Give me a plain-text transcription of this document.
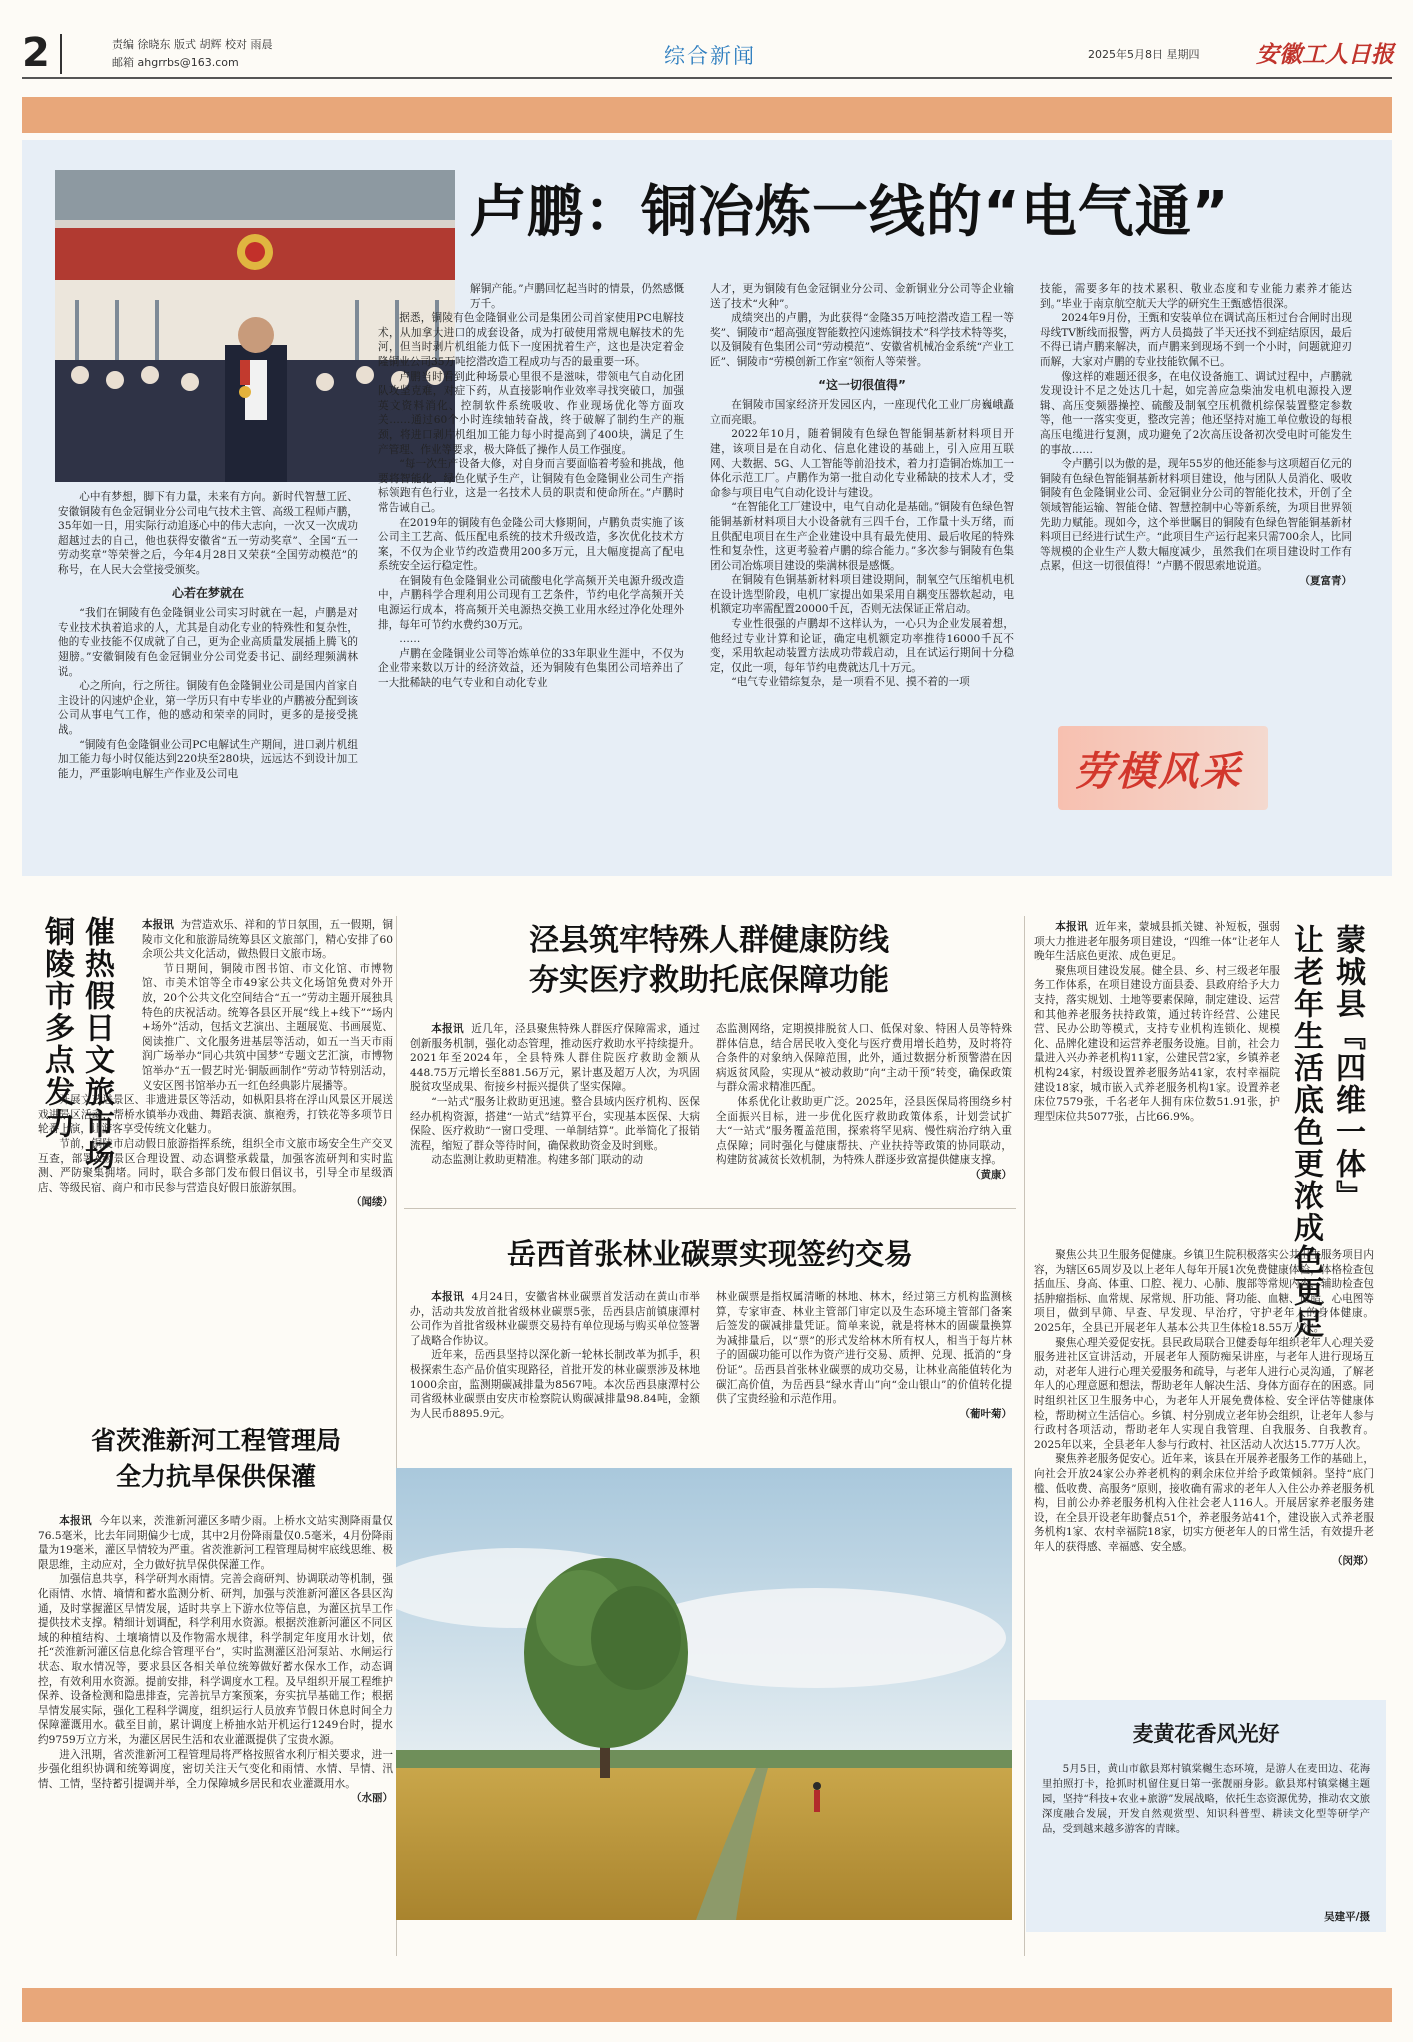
2	责编 徐晓东 版式 胡辉 校对 雨晨
邮箱 ahgrrbs@163.com	综合新闻	2025年5月8日 星期四 安徽工人日报
卢鹏：铜冶炼一线的“电气通”

心中有梦想，脚下有力量，未来有方向。新时代智慧工匠、安徽铜陵有色金冠铜业分公司电气技术主管、高级工程师卢鹏，35年如一日，用实际行动追逐心中的伟大志向，一次又一次成功超越过去的自己，他也获得安徽省“五一劳动奖章”、全国“五一劳动奖章”等荣誉之后，今年4月28日又荣获“全国劳动模范”的称号，在人民大会堂接受颁奖。

心若在梦就在

“我们在铜陵有色金隆铜业公司实习时就在一起，卢鹏是对专业技术执着追求的人，尤其是自动化专业的特殊性和复杂性，他的专业技能不仅成就了自己，更为企业高质量发展插上腾飞的翅膀。”安徽铜陵有色金冠铜业分公司党委书记、副经理频满林说。

心之所向，行之所往。铜陵有色金隆铜业公司是国内首家自主设计的闪速炉企业，第一学历只有中专毕业的卢鹏被分配到该公司从事电气工作，他的感动和荣幸的同时，更多的是接受挑战。

“铜陵有色金隆铜业公司PC电解试生产期间，进口剥片机组加工能力每小时仅能达到220块至280块，远远达不到设计加工能力，严重影响电解生产作业及公司电

解铜产能。”卢鹏回忆起当时的情景，仍然感慨万千。

据悉，铜陵有色金隆铜业公司是集团公司首家使用PC电解技术，从加拿大进口的成套设备，成为打破使用常规电解技术的先河，但当时剥片机组能力低下一度困扰着生产，这也是决定着金隆铜业公司35万吨挖潜改造工程成功与否的最重要一环。

卢鹏当时看到此种场景心里很不是滋味，带领电气自动化团队攻坚克难，对症下药，从直接影响作业效率寻找突破口，加强英文资料消化、控制软件系统吸收、作业现场优化等方面攻关……通过60个小时连续轴转奋战，终于破解了制约生产的瓶颈，将进口剥片机组加工能力每小时提高到了400块，满足了生产管理、作业等要求，极大降低了操作人员工作强度。

“每一次生产设备大修，对自身而言要面临着考验和挑战，他要将智能化、绿色化赋予生产，让铜陵有色金隆铜业公司生产指标领跑有色行业，这是一名技术人员的职责和使命所在。”卢鹏时常告诫自己。

在2019年的铜陵有色金隆公司大修期间，卢鹏负责实施了该公司主工艺高、低压配电系统的技术升级改造，多次优化技术方案，不仅为企业节约改造费用200多万元，且大幅度提高了配电系统安全运行稳定性。

在铜陵有色金隆铜业公司硫酸电化学高频开关电源升级改造中，卢鹏科学合理利用公司现有工艺条件，节约电化学高频开关电源运行成本，将高频开关电源热交换工业用水经过净化处理外排，每年可节约水费约30万元。

……

卢鹏在金隆铜业公司等冶炼单位的33年职业生涯中，不仅为企业带来数以万计的经济效益，还为铜陵有色集团公司培养出了一大批稀缺的电气专业和自动化专业

人才，更为铜陵有色金冠铜业分公司、金新铜业分公司等企业输送了技术“火种”。

成绩突出的卢鹏，为此获得“金隆35万吨挖潜改造工程一等奖”、铜陵市“超高强度智能数控闪速炼铜技术”科学技术特等奖，以及铜陵有色集团公司“劳动模范”、安徽省机械冶金系统“产业工匠”、铜陵市“劳模创新工作室”领衔人等荣誉。

“这一切很值得”

在铜陵市国家经济开发园区内，一座现代化工业厂房巍峨矗立而亮眼。

2022年10月，随着铜陵有色绿色智能铜基新材料项目开建，该项目是在自动化、信息化建设的基础上，引入应用互联网、大数据、5G、人工智能等前沿技术，着力打造铜冶炼加工一体化示范工厂。卢鹏作为第一批自动化专业稀缺的技术人才，受命参与项目电气自动化设计与建设。

“在智能化工厂建设中，电气自动化是基础。”铜陵有色绿色智能铜基新材料项目大小设备就有三四千台，工作量十头万绪，而且供配电项目在生产企业建设中具有最先使用、最后收尾的特殊性和复杂性，这更考验着卢鹏的综合能力。”多次参与铜陵有色集团公司冶炼项目建设的柴满林很是感慨。

在铜陵有色铜基新材料项目建设期间，制氧空气压缩机电机在设计选型阶段，电机厂家提出如果采用自耦变压器软起动，电机额定功率需配置20000千瓦，否则无法保证正常启动。

专业性很强的卢鹏却不这样认为，一心只为企业发展着想，他经过专业计算和论证，确定电机额定功率推待16000千瓦不变，采用软起动装置方法成功带载启动，且在试运行期间十分稳定，仅此一项，每年节约电费就达几十万元。

“电气专业错综复杂，是一项看不见、摸不着的一项

技能，需要多年的技术累积、敬业态度和专业能力素养才能达到。”毕业于南京航空航天大学的研究生王甄感悟很深。

2024年9月份，王甄和安装单位在调试高压柜过台合闸时出现母线TV断线而报警，两方人员捣鼓了半天还找不到症结原因，最后不得已请卢鹏来解决，而卢鹏来到现场不到一个小时，问题就迎刃而解，大家对卢鹏的专业技能钦佩不已。

像这样的难题还很多，在电仪设备施工、调试过程中，卢鹏就发现设计不足之处达几十起，如完善应急柴油发电机电源投入逻辑、高压变频器操控、硫酸及制氧空压机微机综保装置整定参数等，他一一落实变更，整改完善；他还坚持对施工单位敷设的每根高压电缆进行复测，成功避免了2次高压设备初次受电时可能发生的事故……

令卢鹏引以为傲的是，现年55岁的他还能参与这项超百亿元的铜陵有色绿色智能铜基新材料项目建设，他与团队人员消化、吸收铜陵有色金隆铜业公司、金冠铜业分公司的智能化技术，开创了全领域智能运输、智能仓储、智慧控制中心等新系统，为项目世界领先助力赋能。现如今，这个举世瞩目的铜陵有色绿色智能铜基新材料项目已经进行试生产。“此项目生产运行起来只需700余人，比同等规模的企业生产人数大幅度减少，虽然我们在项目建设时工作有点累，但这一切很值得！”卢鹏不假思索地说道。

（夏富青）
劳模风采
催热假日文旅市场
铜陵市多点发力	本报讯 为营造欢乐、祥和的节日氛围，五一假期，铜陵市文化和旅游局统筹县区文旅部门，精心安排了60余项公共文化活动，做热假日文旅市场。

节日期间，铜陵市图书馆、市文化馆、市博物馆、市美术馆等全市49家公共文化场馆免费对外开放，20个公共文化空间结合“五一”劳动主题开展独具特色的庆祝活动。统筹各县区开展“线上+线下”“场内+场外”活动，包括文艺演出、主题展览、书画展览、阅读推广、文化服务进基层等活动，如五一当天市雨润广场举办“同心共筑中国梦”专题文艺汇演，市博物馆举办“五一假艺时光·铜版画制作”劳动节特别活动，义安区图书馆举办五一红色经典影片展播等。

开展文艺进景区、非遗进景区等活动，如枞阳县将在浮山风景区开展送戏进景区活动，帮桥水镇举办戏曲、舞蹈表演、旗袍秀，打铁花等多项节日轮番上演，让游客享受传统文化魅力。

节前，铜陵市启动假日旅游指挥系统，组织全市文旅市场安全生产交叉互查，部署A级景区合理设置、动态调整承载量，加强客流研判和实时监测、严防聚集拥堵。同时，联合多部门发布假日倡议书，引导全市星级酒店、等级民宿、商户和市民参与营造良好假日旅游氛围。

（闻缕）
省茨淮新河工程管理局
全力抗旱保供保灌

本报讯 今年以来，茨淮新河灌区多晴少雨。上桥水文站实测降雨量仅76.5毫米，比去年同期偏少七成，其中2月份降雨量仅0.5毫米，4月份降雨量为19毫米，灌区旱情较为严重。省茨淮新河工程管理局树牢底线思维、极限思维，主动应对，全力做好抗旱保供保灌工作。

加强信息共享，科学研判水雨情。完善会商研判、协调联动等机制，强化雨情、水情、墒情和蓄水监测分析、研判，加强与茨淮新河灌区各县区沟通，及时掌握灌区旱情发展，适时共享上下游水位等信息，为灌区抗旱工作提供技术支撑。精细计划调配，科学利用水资源。根据茨淮新河灌区不同区域的种植结构、土壤墒情以及作物需水规律，科学制定年度用水计划，依托“茨淮新河灌区信息化综合管理平台”，实时监测灌区沿河泵站、水闸运行状态、取水情况等，要求县区各相关单位统筹做好蓄水保水工作，动态调控，有效利用水资源。提前安排，科学调度水工程。及早组织开展工程维护保养、设备检测和隐患排查，完善抗旱方案预案，夯实抗旱基础工作；根据旱情发展实际，强化工程科学调度，组织运行人员放弃节假日休息时间全力保障灌溉用水。截至目前，累计调度上桥抽水站开机运行1249台时，提水约9759万立方米，为灌区居民生活和农业灌溉提供了宝贵水源。

进入汛期，省茨淮新河工程管理局将严格按照省水利厅相关要求，进一步强化组织协调和统筹调度，密切关注天气变化和雨情、水情、旱情、汛情、工情，坚持蓄引提调并举，全力保障城乡居民和农业灌溉用水。

（水丽）
泾县筑牢特殊人群健康防线
夯实医疗救助托底保障功能

本报讯 近几年，泾县聚焦特殊人群医疗保障需求，通过创新服务机制，强化动态管理，推动医疗救助水平持续提升。2021年至2024年，全县特殊人群住院医疗救助金额从448.75万元增长至881.56万元，累计惠及超万人次，为巩固脱贫攻坚成果、衔接乡村振兴提供了坚实保障。

“一站式”服务让救助更迅速。整合县域内医疗机构、医保经办机构资源，搭建“一站式”结算平台，实现基本医保、大病保险、医疗救助“一窗口受理、一单制结算”。此举简化了报销流程，缩短了群众等待时间，确保救助资金及时到账。

动态监测让救助更精准。构建多部门联动的动

态监测网络，定期摸排脱贫人口、低保对象、特困人员等特殊群体信息，结合居民收入变化与医疗费用增长趋势，及时将符合条件的对象纳入保障范围，此外，通过数据分析预警潜在因病返贫风险，实现从“被动救助”向“主动干预”转变，确保政策与群众需求精准匹配。

体系优化让救助更广泛。2025年，泾县医保局将围绕乡村全面振兴目标，进一步优化医疗救助政策体系，计划尝试扩大“一站式”服务覆盖范围，探索将罕见病、慢性病治疗纳入重点保障；同时强化与健康帮扶、产业扶持等政策的协同联动，构建防贫减贫长效机制，为特殊人群逐步致富提供健康支撑。

（黄康）
岳西首张林业碳票实现签约交易

本报讯 4月24日，安徽省林业碳票首发活动在黄山市举办，活动共发放首批省级林业碳票5张，岳西县店前镇康潭村公司作为首批省级林业碳票交易持有单位现场与购买单位签署了战略合作协议。

近年来，岳西县坚持以深化新一轮林长制改革为抓手，积极探索生态产品价值实现路径，首批开发的林业碳票涉及林地1000余亩，监测期碳减排量为8567吨。本次岳西县康潭村公司省级林业碳票由安庆市检察院认购碳减排量98.84吨，金额为人民币8895.9元。

林业碳票是指权属清晰的林地、林木，经过第三方机构监测核算，专家审查、林业主管部门审定以及生态环境主管部门备案后签发的碳减排量凭证。简单来说，就是将林木的固碳量换算为减排量后，以“票”的形式发给林木所有权人，相当于每片林子的固碳功能可以作为资产进行交易、质押、兑现、抵消的“身份证”。岳西县首张林业碳票的成功交易，让林业高能值转化为碳汇高价值，为岳西县“绿水青山”向“金山银山”的价值转化提供了宝贵经验和示范作用。

（葡叶菊）
蒙城县『四维一体』
让老年生活底色更浓成色更足

本报讯 近年来，蒙城县抓关键、补短板，强弱项大力推进老年服务项目建设，“四维一体”让老年人晚年生活底色更浓、成色更足。

聚焦项目建设发展。健全县、乡、村三级老年服务工作体系，在项目建设方面县委、县政府给予大力支持，落实规划、土地等要素保障，制定建设、运营和其他养老服务扶持政策，通过转许经营、公建民营、民办公助等模式，支持专业机构连锁化、规模化、品牌化建设和运营养老服务设施。目前，社会力量进入兴办养老机构11家，公建民营2家，乡镇养老机构24家，村级设置养老服务站41家，农村幸福院建设18家，城市嵌入式养老服务机构1家。设置养老床位7579张，千名老年人拥有床位数51.91张，护理型床位共5077张，占比66.9%。

聚焦公共卫生服务促健康。乡镇卫生院积极落实公共卫生服务项目内容，为辖区65周岁及以上老年人每年开展1次免费健康体检，体格检查包括血压、身高、体重、口腔、视力、心肺、腹部等常规内容，辅助检查包括肿瘤指标、血常规、尿常规、肝功能、肾功能、血糖、血脂、心电图等项目，做到早筛、早查、早发现、早治疗，守护老年人的身体健康。2025年，全县已开展老年人基本公共卫生体检18.55万人次。

聚焦心理关爱促安抚。县民政局联合卫健委每年组织老年人心理关爱服务进社区宣讲活动，开展老年人预防痴呆讲座，与老年人进行现场互动，对老年人进行心理关爱服务和疏导，与老年人进行心灵沟通，了解老年人的心理意愿和想法，帮助老年人解决生活、身体方面存在的困惑。同时组织社区卫生服务中心，为老年人开展免费体检、安全评估等健康体检，帮助树立生活信心。乡镇、村分别成立老年协会组织，让老年人参与行政村各项活动，帮助老年人实现自我管理、自我服务、自我教育。2025年以来，全县老年人参与行政村、社区活动人次达15.77万人次。

聚焦养老服务促安心。近年来，该县在开展养老服务工作的基础上，向社会开放24家公办养老机构的剩余床位并给予政策倾斜。坚持“底门槛、低收费、高服务”原则，接收确有需求的老年人入住公办养老服务机构，目前公办养老服务机构入住社会老人116人。开展居家养老服务建设，在全县开设老年助餐点51个，养老服务站41个，建设嵌入式养老服务机构1家、农村幸福院18家，切实方便老年人的日常生活，有效提升老年人的获得感、幸福感、安全感。

（闵郑）
麦黄花香风光好
5月5日，黄山市歙县郑村镇棠樾生态环境，是游人在麦田边、花海里拍照打卡，抢抓时机留住夏日第一张靓丽身影。歙县郑村镇棠樾主题园，坚持“科技+农业+旅游”发展战略，依托生态资源优势，推动农文旅深度融合发展，开发自然观赏型、知识科普型、耕读文化型等研学产品，受到越来越多游客的青睐。
吴建平/摄
